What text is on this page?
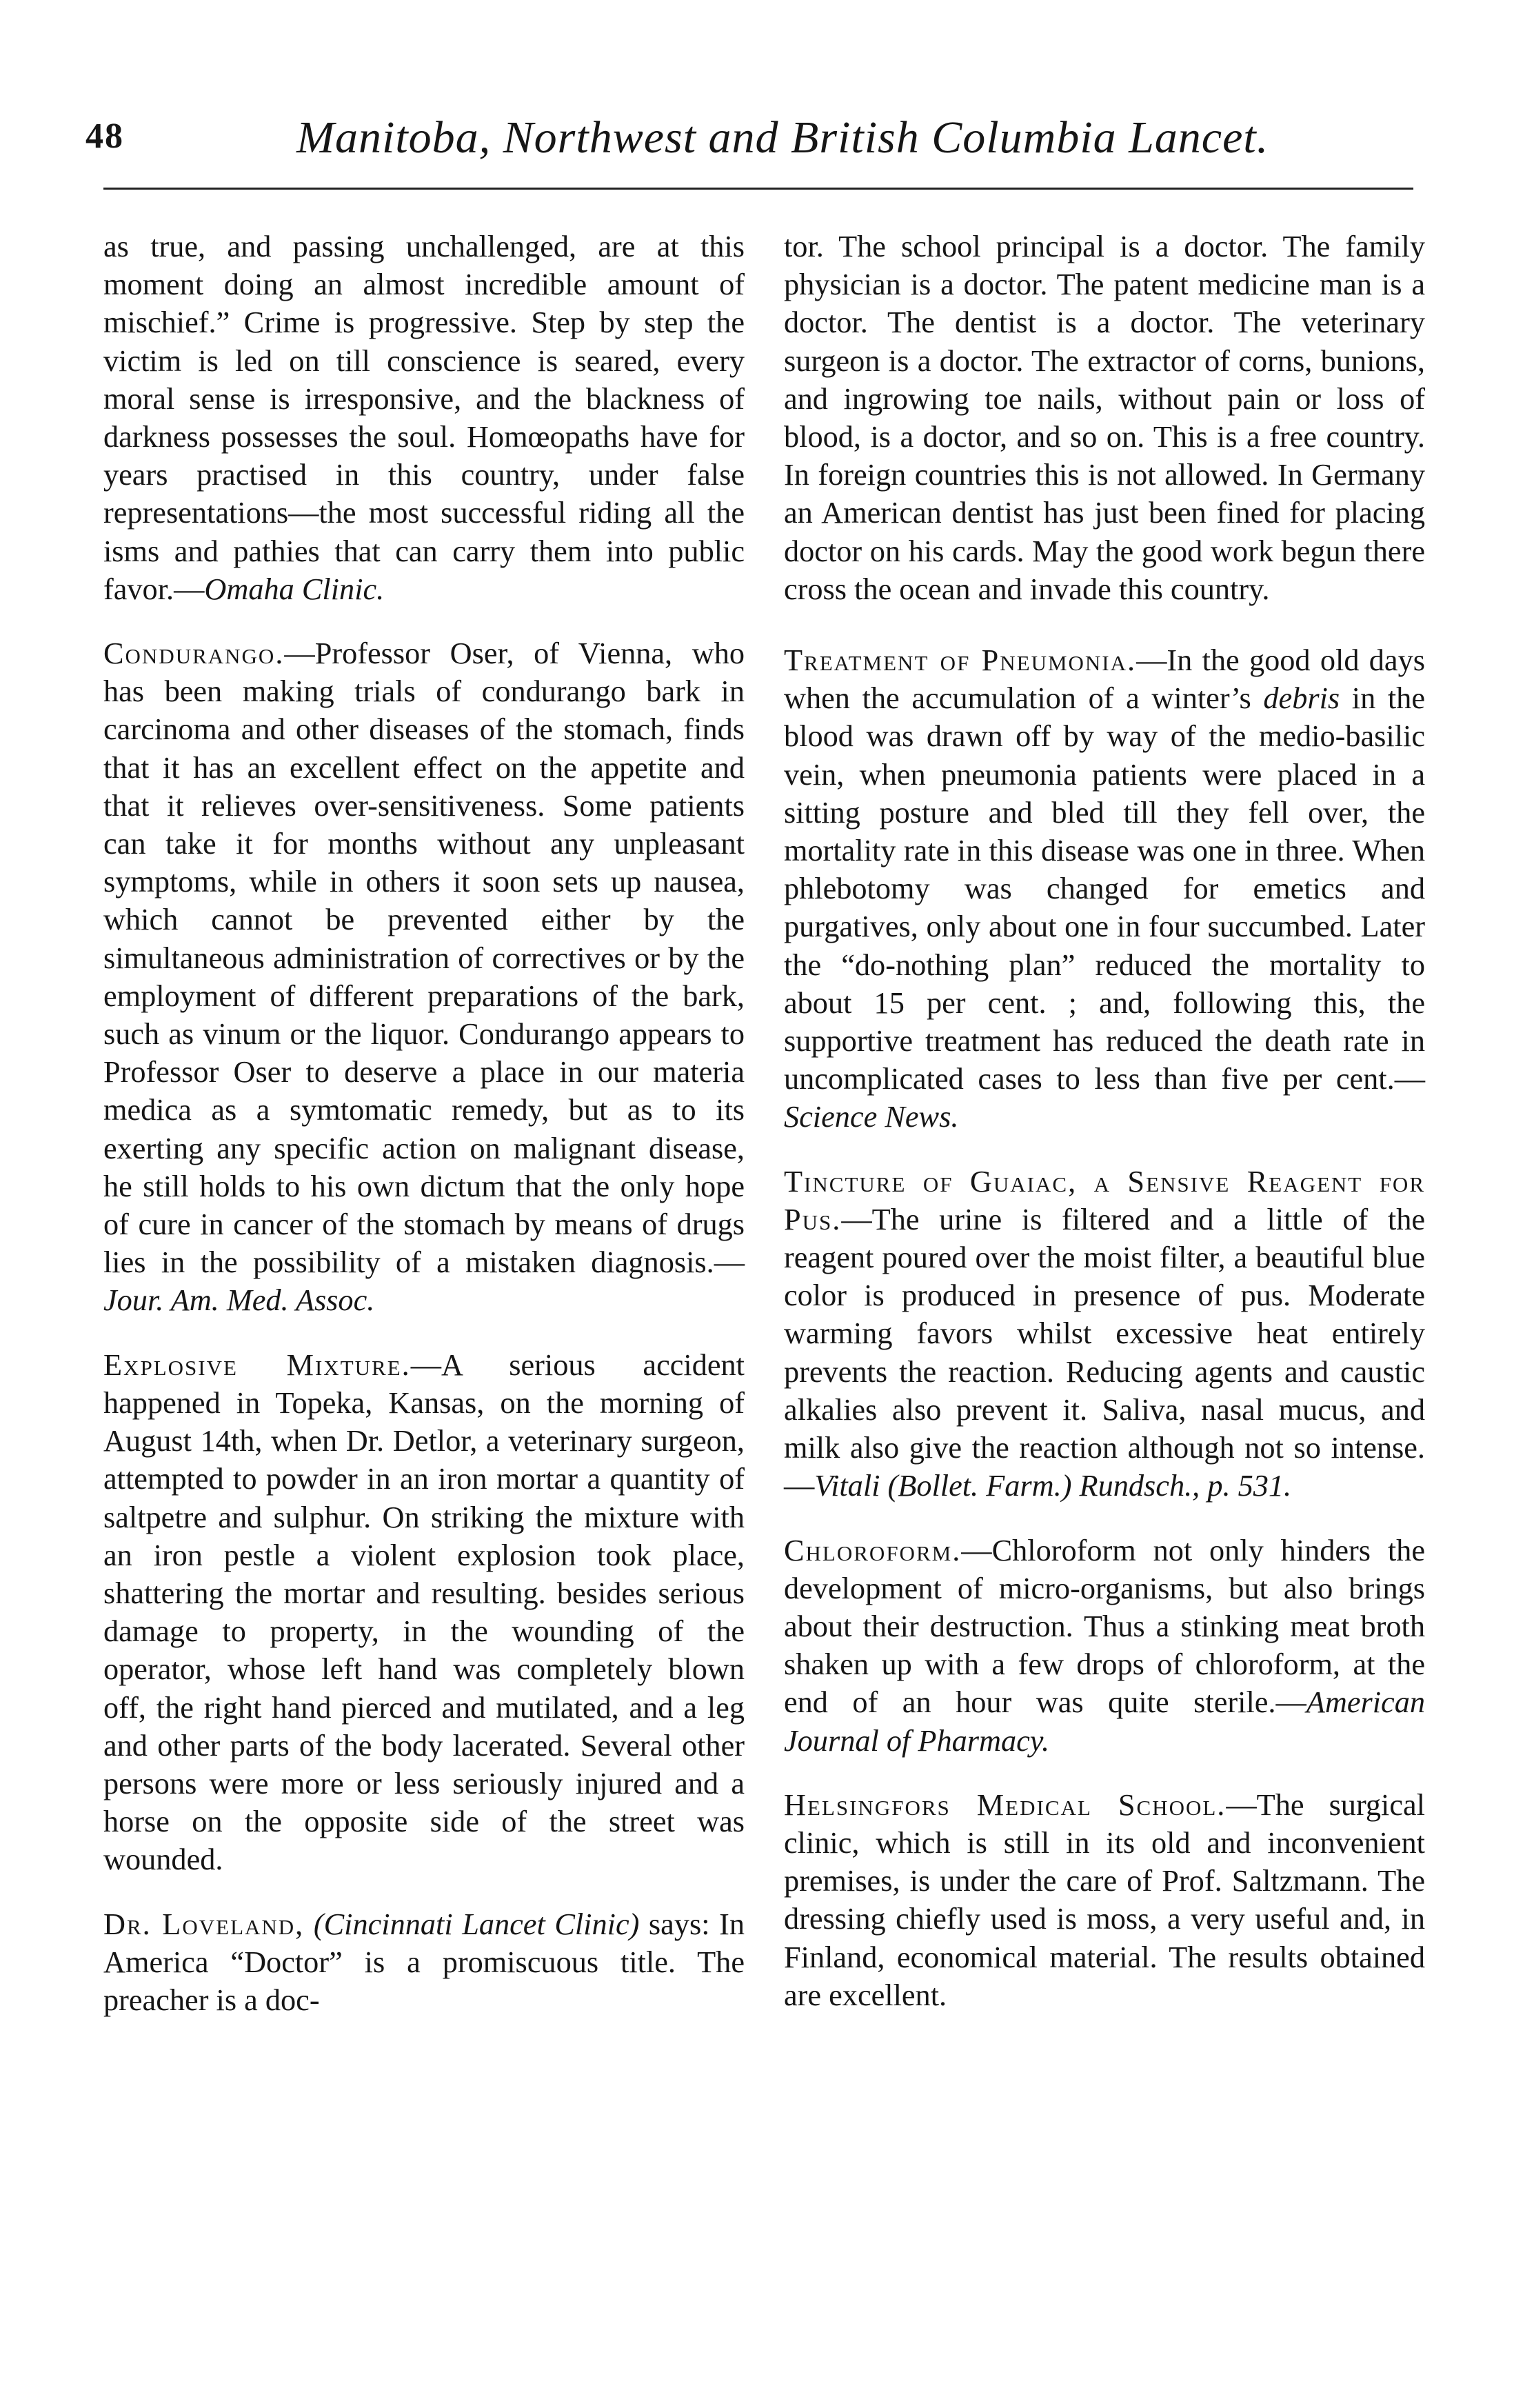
48	Manitoba, Northwest and British Columbia Lancet.

as true, and passing unchallenged, are at this moment doing an almost incredible amount of mischief.” Crime is progressive. Step by step the victim is led on till conscience is seared, every moral sense is irresponsive, and the blackness of darkness possesses the soul. Homœopaths have for years practised in this country, under false representations—the most successful riding all the isms and pathies that can carry them into public favor.—Omaha Clinic.

Condurango.—Professor Oser, of Vienna, who has been making trials of condurango bark in carcinoma and other diseases of the stomach, finds that it has an excellent effect on the appetite and that it relieves over-sensitiveness. Some patients can take it for months without any unpleasant symptoms, while in others it soon sets up nausea, which cannot be prevented either by the simultaneous administration of correctives or by the employment of different preparations of the bark, such as vinum or the liquor. Condurango appears to Professor Oser to deserve a place in our materia medica as a symtomatic remedy, but as to its exerting any specific action on malignant disease, he still holds to his own dictum that the only hope of cure in cancer of the stomach by means of drugs lies in the possibility of a mistaken diagnosis.—Jour. Am. Med. Assoc.

Explosive Mixture.—A serious accident happened in Topeka, Kansas, on the morning of August 14th, when Dr. Detlor, a veterinary surgeon, attempted to powder in an iron mortar a quantity of saltpetre and sulphur. On striking the mixture with an iron pestle a violent explosion took place, shattering the mortar and resulting. besides serious damage to property, in the wounding of the operator, whose left hand was completely blown off, the right hand pierced and mutilated, and a leg and other parts of the body lacerated. Several other persons were more or less seriously injured and a horse on the opposite side of the street was wounded.

Dr. Loveland, (Cincinnati Lancet Clinic) says: In America “Doctor” is a promiscuous title. The preacher is a doc-

tor. The school principal is a doctor. The family physician is a doctor. The patent medicine man is a doctor. The dentist is a doctor. The veterinary surgeon is a doctor. The extractor of corns, bunions, and ingrowing toe nails, without pain or loss of blood, is a doctor, and so on. This is a free country. In foreign countries this is not allowed. In Germany an American dentist has just been fined for placing doctor on his cards. May the good work begun there cross the ocean and invade this country.

Treatment of Pneumonia.—In the good old days when the accumulation of a winter’s debris in the blood was drawn off by way of the medio-basilic vein, when pneumonia patients were placed in a sitting posture and bled till they fell over, the mortality rate in this disease was one in three. When phlebotomy was changed for emetics and purgatives, only about one in four succumbed. Later the “do-nothing plan” reduced the mortality to about 15 per cent. ; and, following this, the supportive treatment has reduced the death rate in uncomplicated cases to less than five per cent.—Science News.

Tincture of Guaiac, a Sensive Reagent for Pus.—The urine is filtered and a little of the reagent poured over the moist filter, a beautiful blue color is produced in presence of pus. Moderate warming favors whilst excessive heat entirely prevents the reaction. Reducing agents and caustic alkalies also prevent it. Saliva, nasal mucus, and milk also give the reaction although not so intense.—Vitali (Bollet. Farm.) Rundsch., p. 531.

Chloroform.—Chloroform not only hinders the development of micro-organisms, but also brings about their destruction. Thus a stinking meat broth shaken up with a few drops of chloroform, at the end of an hour was quite sterile.—American Journal of Pharmacy.

Helsingfors Medical School.—The surgical clinic, which is still in its old and inconvenient premises, is under the care of Prof. Saltzmann. The dressing chiefly used is moss, a very useful and, in Finland, economical material. The results obtained are excellent.
